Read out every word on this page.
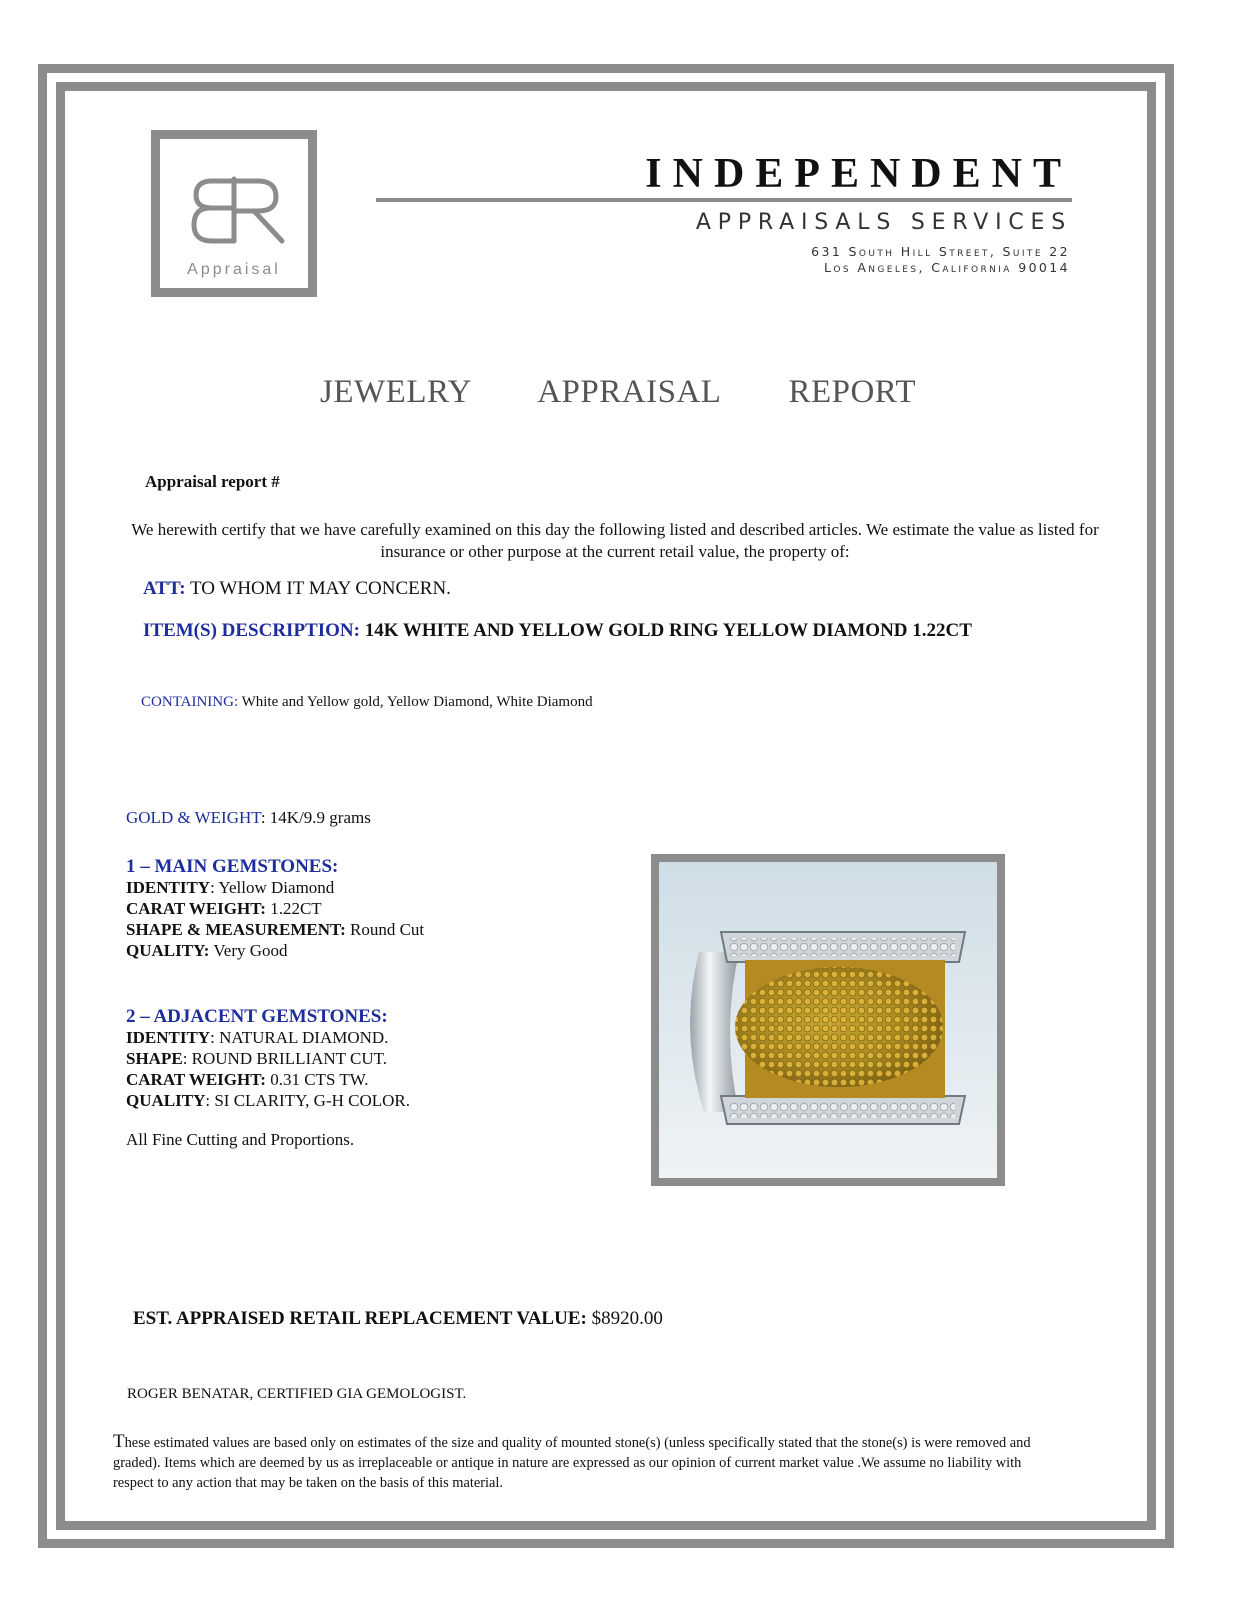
Appraisal
INDEPENDENT
APPRAISALS SERVICES
631 South Hill Street, Suite 22
Los Angeles, California 90014
JEWELRY   APPRAISAL   REPORT
Appraisal report #
We herewith certify that we have carefully examined on this day the following listed and described articles. We estimate the value as listed for insurance or other purpose at the current retail value, the property of:
ATT: TO WHOM IT MAY CONCERN.
ITEM(S) DESCRIPTION: 14K WHITE AND YELLOW GOLD RING YELLOW DIAMOND 1.22CT
CONTAINING: White and Yellow gold, Yellow Diamond, White Diamond
GOLD & WEIGHT: 14K/9.9 grams
1 – MAIN GEMSTONES:
IDENTITY: Yellow Diamond
CARAT WEIGHT: 1.22CT
SHAPE & MEASUREMENT: Round Cut
QUALITY: Very Good
2 – ADJACENT GEMSTONES:
IDENTITY: NATURAL DIAMOND.
SHAPE: ROUND BRILLIANT CUT.
CARAT WEIGHT: 0.31 CTS TW.
QUALITY: SI CLARITY, G-H COLOR.
All Fine Cutting and Proportions.
EST. APPRAISED RETAIL REPLACEMENT VALUE: $8920.00
ROGER BENATAR, CERTIFIED GIA GEMOLOGIST.
These estimated values are based only on estimates of the size and quality of mounted stone(s) (unless specifically stated that the stone(s) is were removed and graded). Items which are deemed by us as irreplaceable or antique in nature are expressed as our opinion of current market value .We assume no liability with respect to any action that may be taken on the basis of this material.
